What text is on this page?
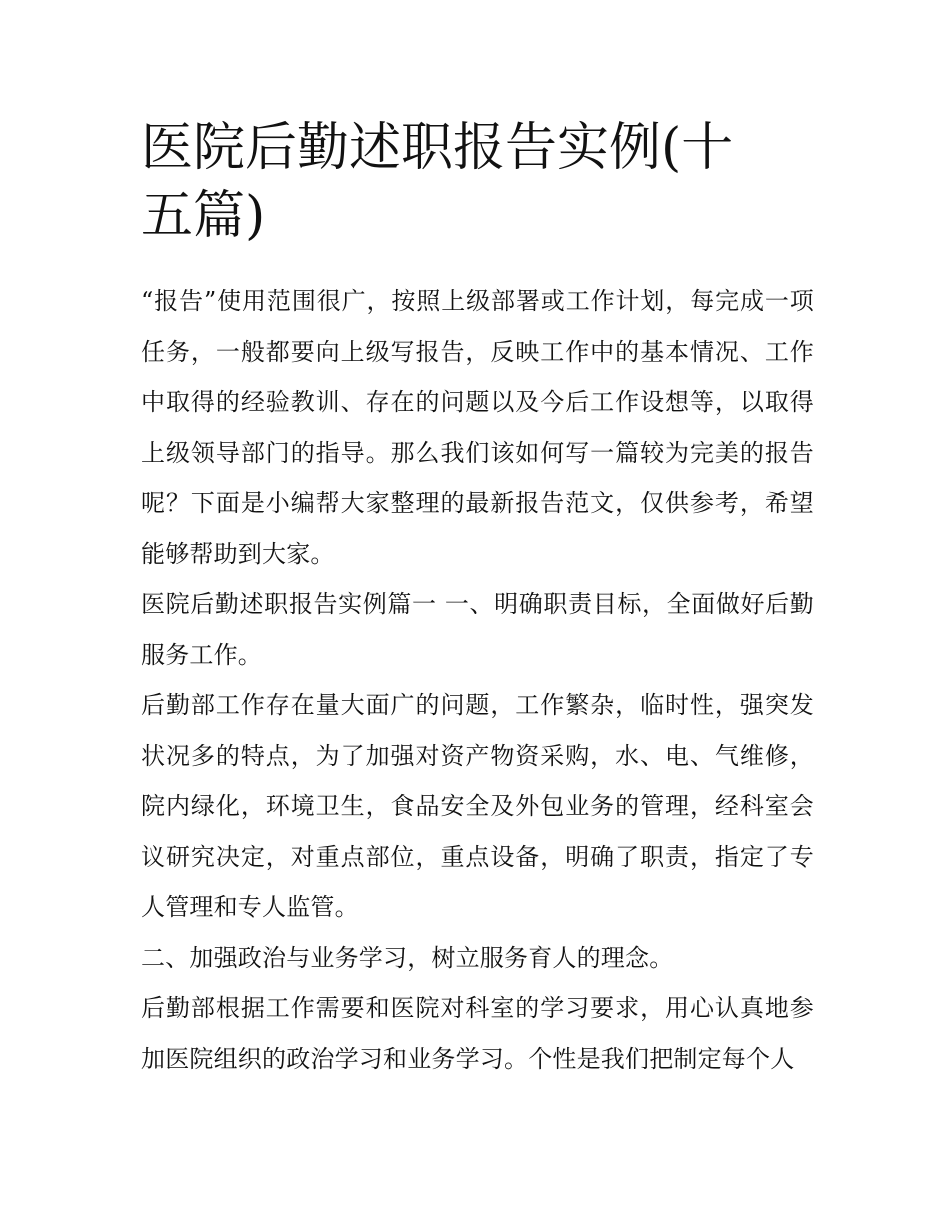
医院后勤述职报告实例(十五篇)

“报告”使用范围很广，按照上级部署或工作计划，每完成一项任务，一般都要向上级写报告，反映工作中的基本情况、工作中取得的经验教训、存在的问题以及今后工作设想等，以取得上级领导部门的指导。那么我们该如何写一篇较为完美的报告呢？下面是小编帮大家整理的最新报告范文，仅供参考，希望能够帮助到大家。

医院后勤述职报告实例篇一 一、明确职责目标，全面做好后勤服务工作。

后勤部工作存在量大面广的问题，工作繁杂，临时性，强突发状况多的特点，为了加强对资产物资采购，水、电、气维修，院内绿化，环境卫生，食品安全及外包业务的管理，经科室会议研究决定，对重点部位，重点设备，明确了职责，指定了专人管理和专人监管。

二、加强政治与业务学习，树立服务育人的理念。

后勤部根据工作需要和医院对科室的学习要求，用心认真地参加医院组织的政治学习和业务学习。个性是我们把制定每个人
